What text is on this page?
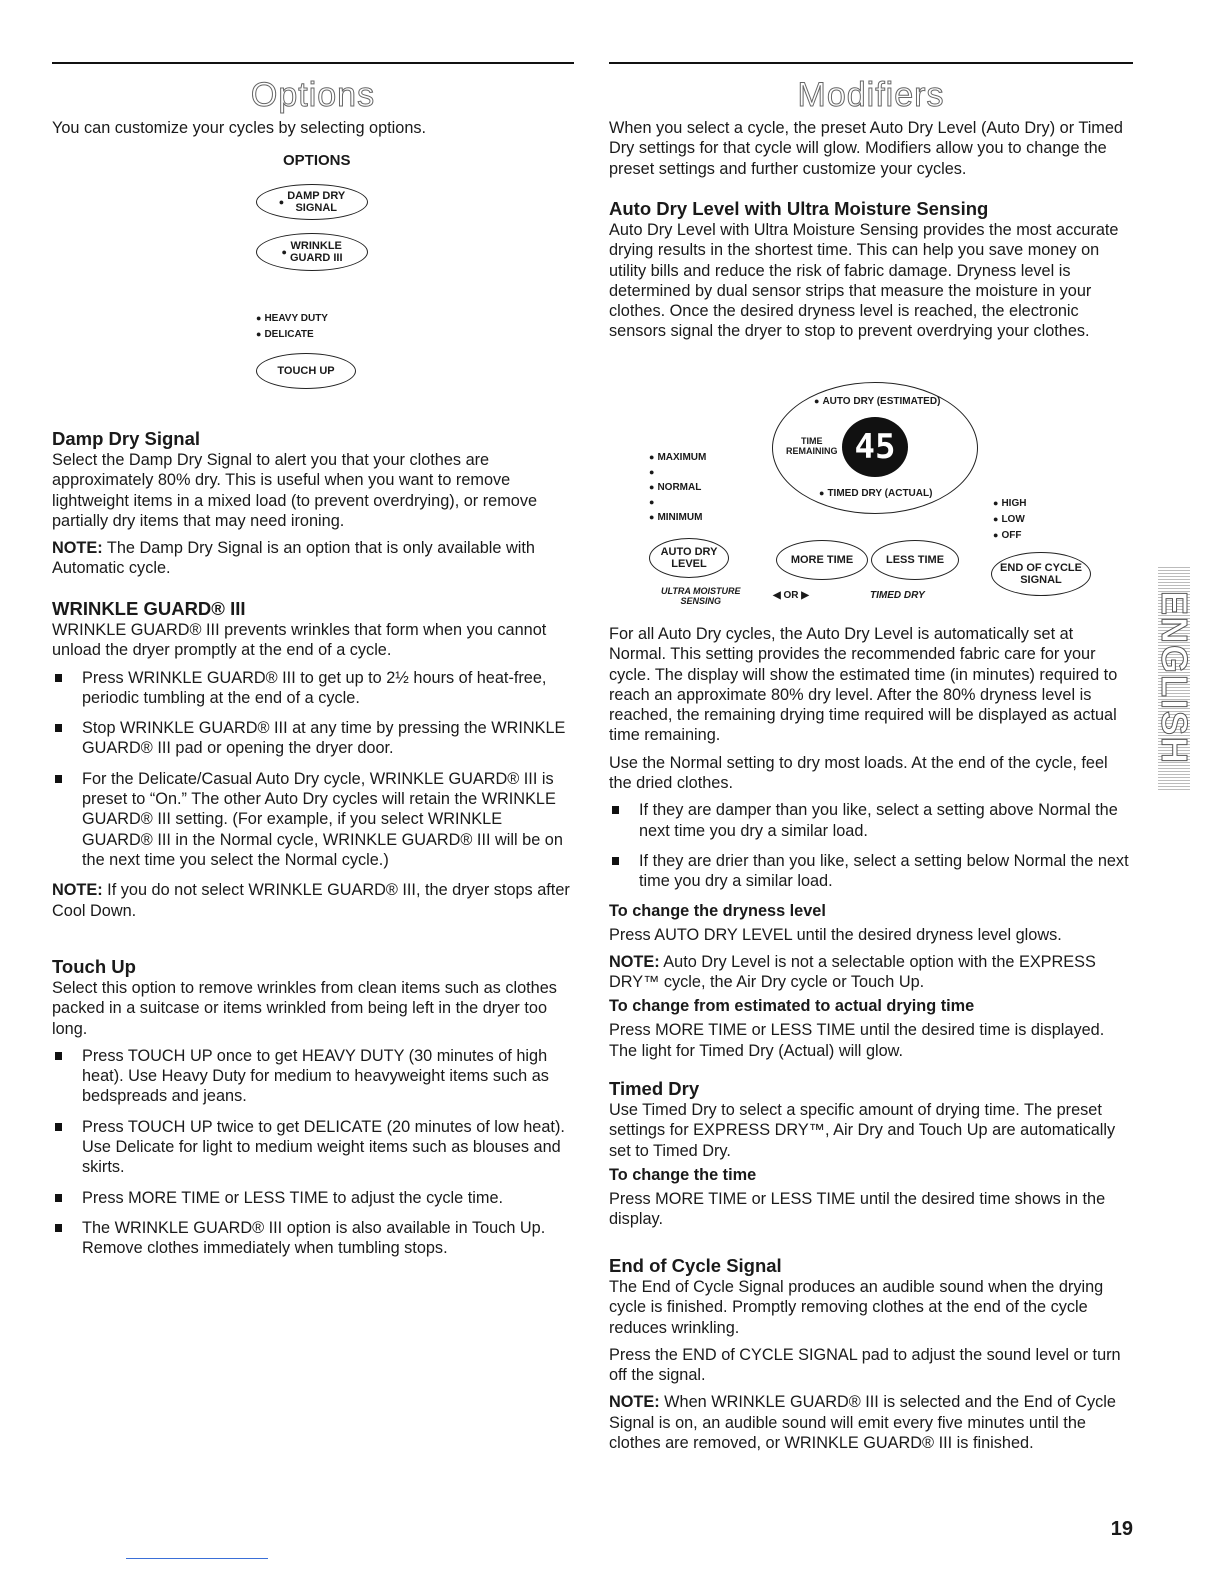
Options

You can customize your cycles by selecting options.

OPTIONS
●
DAMP DRY
SIGNAL
●
WRINKLE
GUARD III
● HEAVY DUTY
● DELICATE
TOUCH UP

Damp Dry Signal

Select the Damp Dry Signal to alert you that your clothes are approximately 80% dry. This is useful when you want to remove lightweight items in a mixed load (to prevent overdrying), or remove partially dry items that may need ironing.

NOTE: The Damp Dry Signal is an option that is only available with Automatic cycle.

WRINKLE GUARD® III

WRINKLE GUARD® III prevents wrinkles that form when you cannot unload the dryer promptly at the end of a cycle.

Press WRINKLE GUARD® III to get up to 2½ hours of heat-free, periodic tumbling at the end of a cycle.
Stop WRINKLE GUARD® III at any time by pressing the WRINKLE GUARD® III pad or opening the dryer door.
For the Delicate/Casual Auto Dry cycle, WRINKLE GUARD® III is preset to “On.” The other Auto Dry cycles will retain the WRINKLE GUARD® III setting. (For example, if you select WRINKLE GUARD® III in the Normal cycle, WRINKLE GUARD® III will be on the next time you select the Normal cycle.)

NOTE: If you do not select WRINKLE GUARD® III, the dryer stops after Cool Down.

Touch Up

Select this option to remove wrinkles from clean items such as clothes packed in a suitcase or items wrinkled from being left in the dryer too long.

Press TOUCH UP once to get HEAVY DUTY (30 minutes of high heat). Use Heavy Duty for medium to heavyweight items such as bedspreads and jeans.
Press TOUCH UP twice to get DELICATE (20 minutes of low heat). Use Delicate for light to medium weight items such as blouses and skirts.
Press MORE TIME or LESS TIME to adjust the cycle time.
The WRINKLE GUARD® III option is also available in Touch Up. Remove clothes immediately when tumbling stops.
Modifiers

When you select a cycle, the preset Auto Dry Level (Auto Dry) or Timed Dry settings for that cycle will glow. Modifiers allow you to change the preset settings and further customize your cycles.

Auto Dry Level with Ultra Moisture Sensing

Auto Dry Level with Ultra Moisture Sensing provides the most accurate drying results in the shortest time. This can help you save money on utility bills and reduce the risk of fabric damage. Dryness level is determined by dual sensor strips that measure the moisture in your clothes. Once the desired dryness level is reached, the electronic sensors signal the dryer to stop to prevent overdrying your clothes.

● AUTO DRY (ESTIMATED)
TIME
REMAINING 45
● TIMED DRY (ACTUAL)
● MAXIMUM
●
● NORMAL
●
● MINIMUM
AUTO DRY
LEVEL	MORE TIME	LESS TIME
ULTRA MOISTURE
SENSING	◀ OR ▶	TIMED DRY
● HIGH
● LOW
● OFF
END OF CYCLE
SIGNAL

For all Auto Dry cycles, the Auto Dry Level is automatically set at Normal. This setting provides the recommended fabric care for your cycle. The display will show the estimated time (in minutes) required to reach an approximate 80% dry level. After the 80% dryness level is reached, the remaining drying time required will be displayed as actual time remaining.

Use the Normal setting to dry most loads. At the end of the cycle, feel the dried clothes.

If they are damper than you like, select a setting above Normal the next time you dry a similar load.
If they are drier than you like, select a setting below Normal the next time you dry a similar load.

To change the dryness level

Press AUTO DRY LEVEL until the desired dryness level glows.

NOTE: Auto Dry Level is not a selectable option with the EXPRESS DRY™ cycle, the Air Dry cycle or Touch Up.

To change from estimated to actual drying time

Press MORE TIME or LESS TIME until the desired time is displayed. The light for Timed Dry (Actual) will glow.

Timed Dry

Use Timed Dry to select a specific amount of drying time. The preset settings for EXPRESS DRY™, Air Dry and Touch Up are automatically set to Timed Dry.

To change the time

Press MORE TIME or LESS TIME until the desired time shows in the display.

End of Cycle Signal

The End of Cycle Signal produces an audible sound when the drying cycle is finished. Promptly removing clothes at the end of the cycle reduces wrinkling.

Press the END of CYCLE SIGNAL pad to adjust the sound level or turn off the signal.

NOTE: When WRINKLE GUARD® III is selected and the End of Cycle Signal is on, an audible sound will emit every five minutes until the clothes are removed, or WRINKLE GUARD® III is finished.

ENGLISH
19
